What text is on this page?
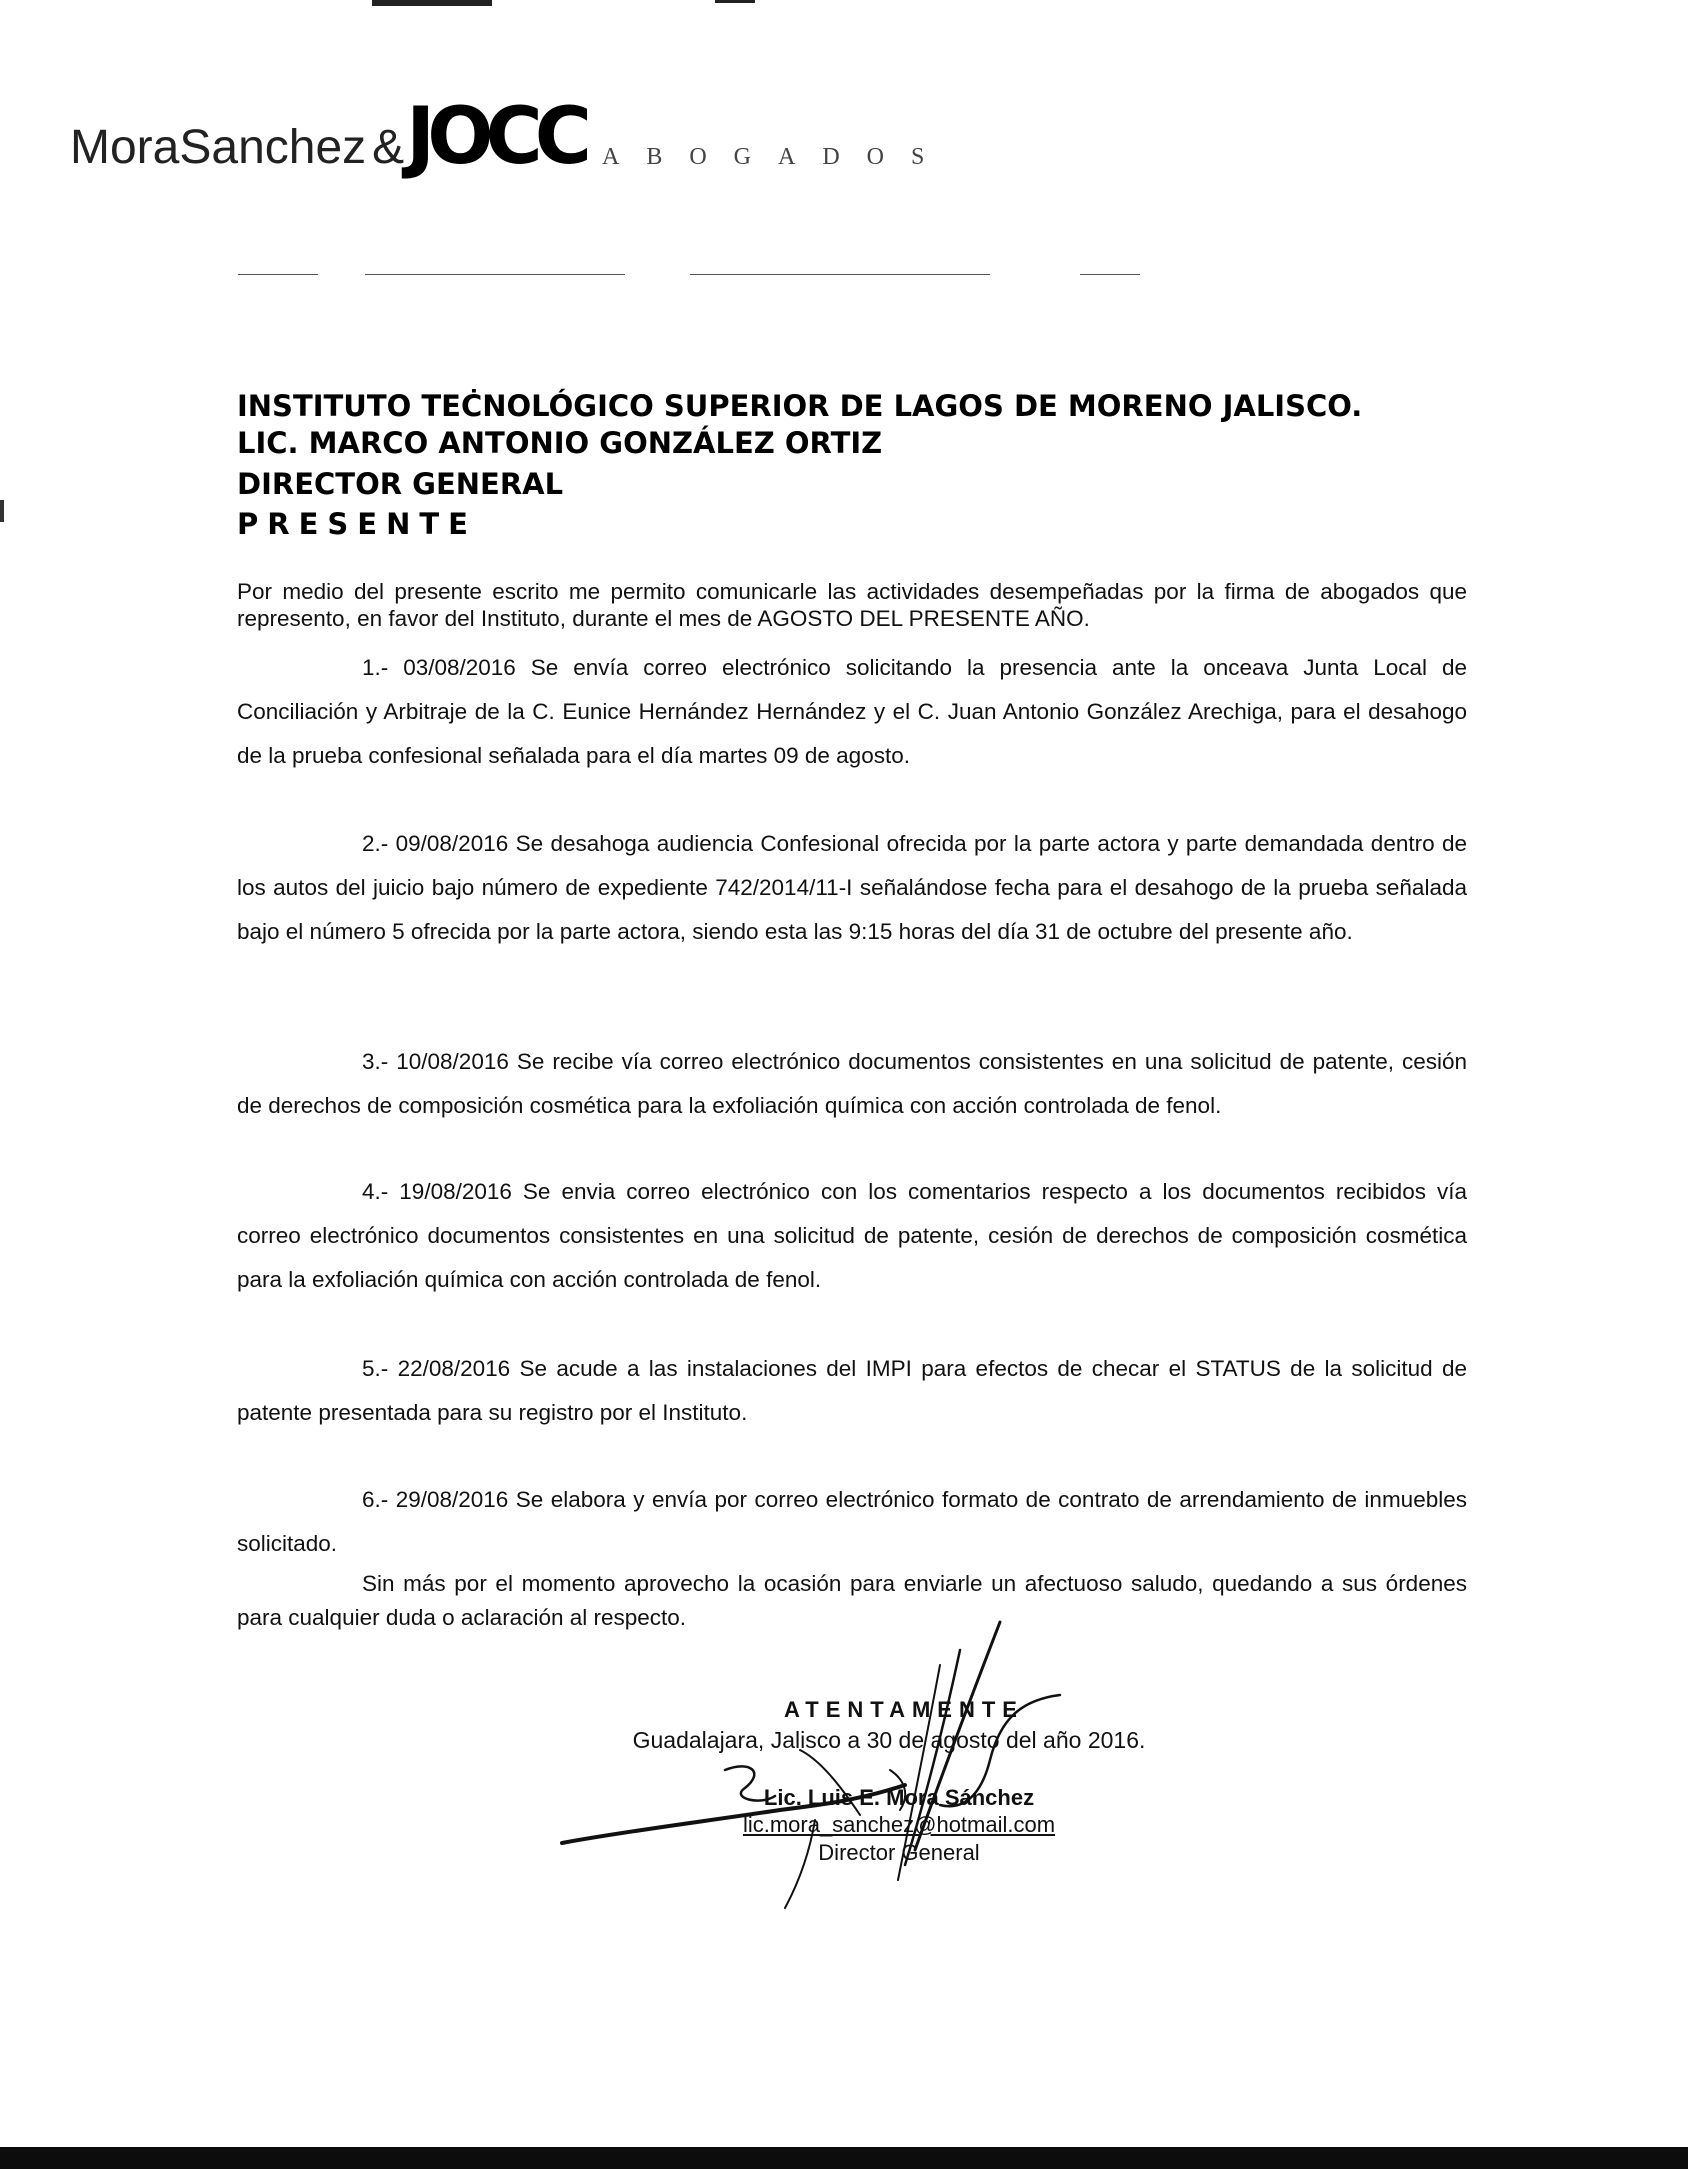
MoraSanchez & JOCC ABOGADOS
INSTITUTO TEĊNOLÓGICO SUPERIOR DE LAGOS DE MORENO JALISCO.
LIC. MARCO ANTONIO GONZÁLEZ ORTIZ
DIRECTOR GENERAL
PRESENTE
Por medio del presente escrito me permito comunicarle las actividades desempeñadas por la firma de abogados que represento, en favor del Instituto, durante el mes de AGOSTO DEL PRESENTE AÑO.
1.- 03/08/2016 Se envía correo electrónico solicitando la presencia ante la onceava Junta Local de Conciliación y Arbitraje de la C. Eunice Hernández Hernández y el C. Juan Antonio González Arechiga, para el desahogo de la prueba confesional señalada para el día martes 09 de agosto.
2.- 09/08/2016 Se desahoga audiencia Confesional ofrecida por la parte actora y parte demandada dentro de los autos del juicio bajo número de expediente 742/2014/11-I señalándose fecha para el desahogo de la prueba señalada bajo el número 5 ofrecida por la parte actora, siendo esta las 9:15 horas del día 31 de octubre del presente año.
3.- 10/08/2016 Se recibe vía correo electrónico documentos consistentes en una solicitud de patente, cesión de derechos de composición cosmética para la exfoliación química con acción controlada de fenol.
4.- 19/08/2016 Se envia correo electrónico con los comentarios respecto a los documentos recibidos vía correo electrónico documentos consistentes en una solicitud de patente, cesión de derechos de composición cosmética para la exfoliación química con acción controlada de fenol.
5.- 22/08/2016 Se acude a las instalaciones del IMPI para efectos de checar el STATUS de la solicitud de patente presentada para su registro por el Instituto.
6.- 29/08/2016 Se elabora y envía por correo electrónico formato de contrato de arrendamiento de inmuebles solicitado.
Sin más por el momento aprovecho la ocasión para enviarle un afectuoso saludo, quedando a sus órdenes para cualquier duda o aclaración al respecto.
ATENTAMENTE
Guadalajara, Jalisco a 30 de agosto del año 2016.
Lic. Luis E. Mora Sánchez
lic.mora_sanchez@hotmail.com
Director General
